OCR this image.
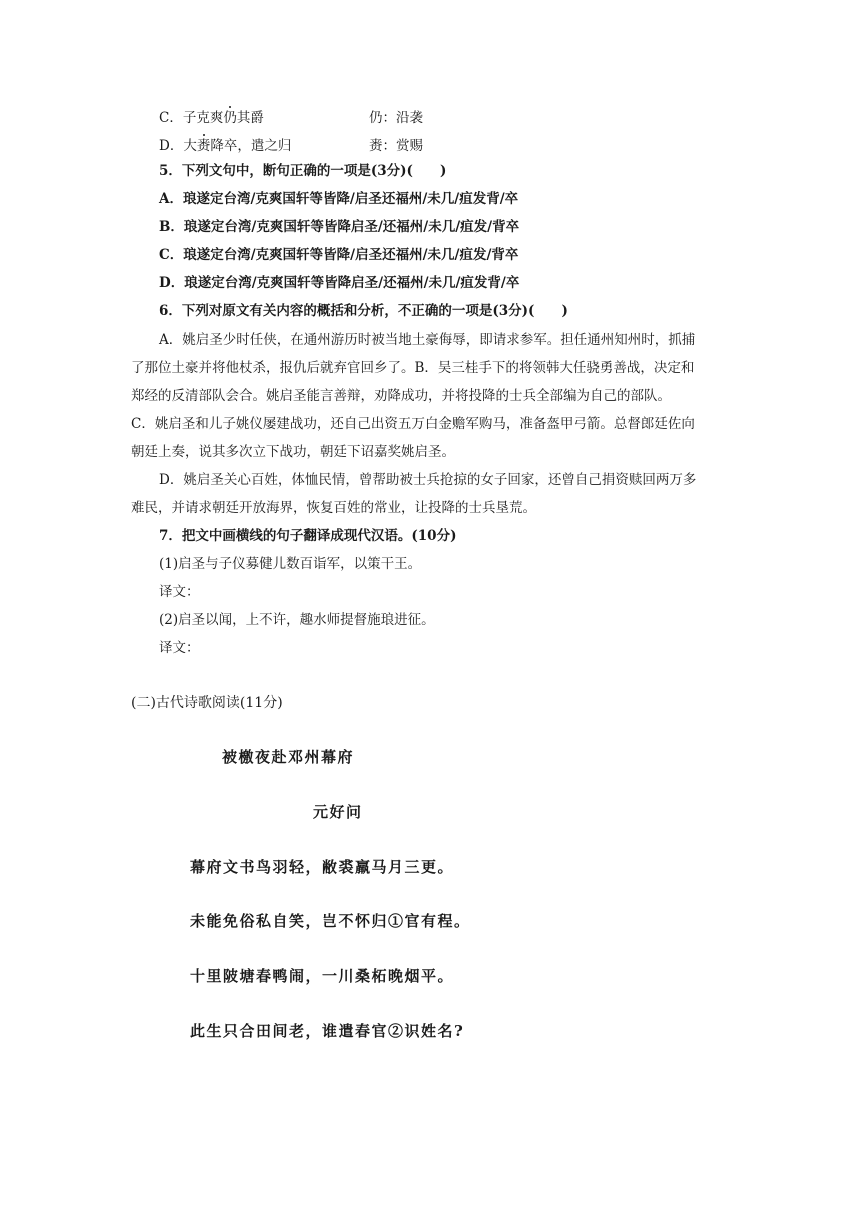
C．子克爽仍其爵	仍：沿袭
D．大赉降卒，遣之归	赉：赏赐
5．下列文句中，断句正确的一项是(3分)(　　)
A．琅遂定台湾/克爽国轩等皆降/启圣还福州/未几/疽发背/卒
B．琅遂定台湾/克爽国轩等皆降启圣/还福州/未几/疽发/背卒
C．琅遂定台湾/克爽国轩等皆降/启圣还福州/未几/疽发/背卒
D．琅遂定台湾/克爽国轩等皆降启圣/还福州/未几/疽发背/卒
6．下列对原文有关内容的概括和分析，不正确的一项是(3分)(　　)
A．姚启圣少时任侠，在通州游历时被当地土豪侮辱，即请求参军。担任通州知州时，抓捕
了那位土豪并将他杖杀，报仇后就弃官回乡了。B．吴三桂手下的将领韩大任骁勇善战，决定和
郑经的反清部队会合。姚启圣能言善辩，劝降成功，并将投降的士兵全部编为自己的部队。
C．姚启圣和儿子姚仪屡建战功，还自己出资五万白金赡军购马，准备盔甲弓箭。总督郎廷佐向
朝廷上奏，说其多次立下战功，朝廷下诏嘉奖姚启圣。
D．姚启圣关心百姓，体恤民情，曾帮助被士兵抢掠的女子回家，还曾自己捐资赎回两万多
难民，并请求朝廷开放海界，恢复百姓的常业，让投降的士兵垦荒。
7．把文中画横线的句子翻译成现代汉语。(10分)
(1)启圣与子仪募健儿数百诣军，以策干王。
译文：
(2)启圣以闻，上不许，趣水师提督施琅进征。
译文：
(二)古代诗歌阅读(11分)
被檄夜赴邓州幕府
元好问
幕府文书鸟羽轻，敝裘羸马月三更。
未能免俗私自笑，岂不怀归①官有程。
十里陂塘春鸭闹，一川桑柘晚烟平。
此生只合田间老，谁遣春官②识姓名?
